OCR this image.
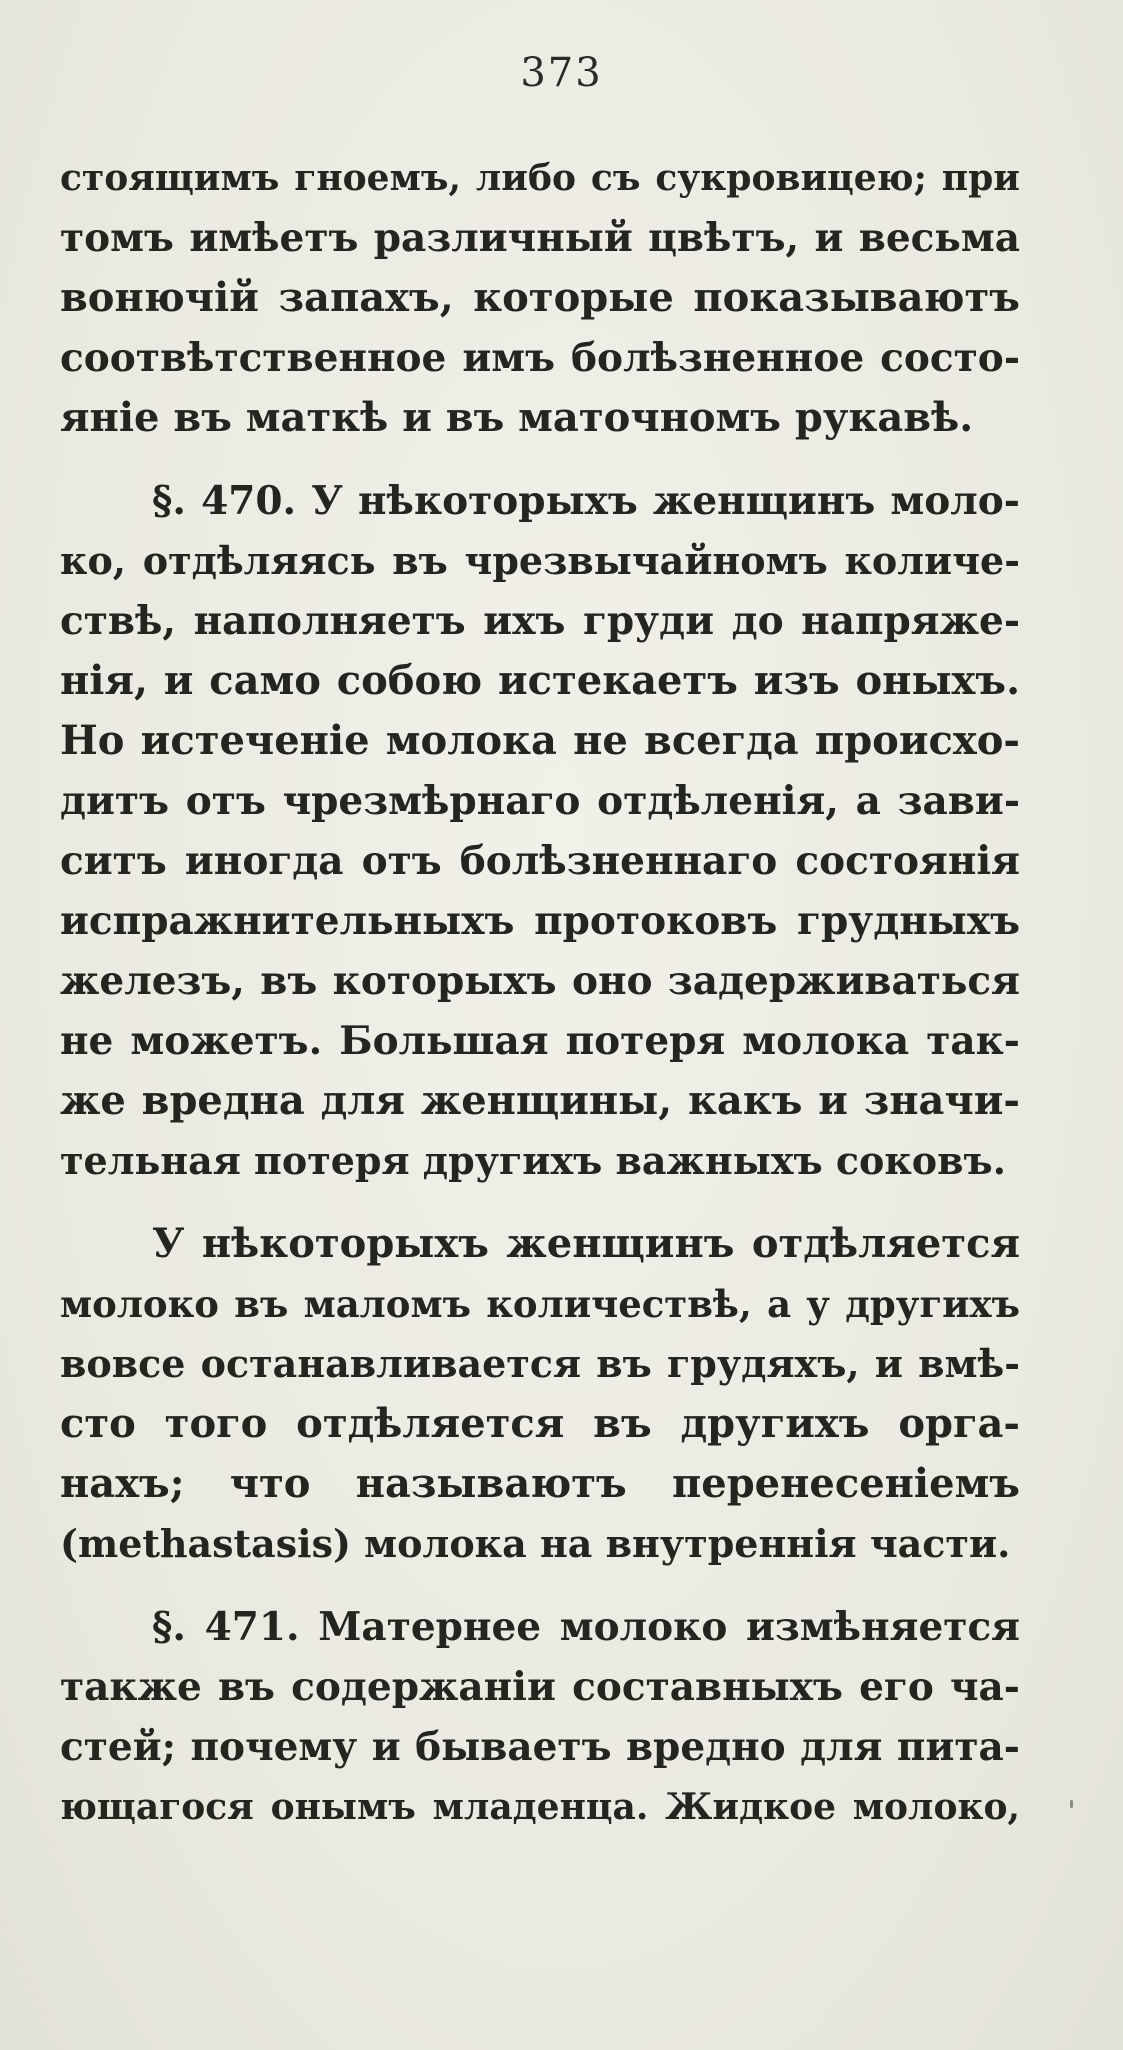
373
стоящимъ гноемъ, либо съ сукровицею; при
томъ имѣетъ различный цвѣтъ, и весьма
вонючій запахъ, которые показываютъ
соотвѣтственное имъ болѣзненное состо-
яніе въ маткѣ и въ маточномъ рукавѣ.
§. 470. У нѣкоторыхъ женщинъ моло-
ко, отдѣляясь въ чрезвычайномъ количе-
ствѣ, наполняетъ ихъ груди до напряже-
нія, и само собою истекаетъ изъ оныхъ.
Но истеченіе молока не всегда происхо-
дитъ отъ чрезмѣрнаго отдѣленія, а зави-
ситъ иногда отъ болѣзненнаго состоянія
испражнительныхъ протоковъ грудныхъ
железъ, въ которыхъ оно задерживаться
не можетъ. Большая потеря молока так-
же вредна для женщины, какъ и значи-
тельная потеря другихъ важныхъ соковъ.
У нѣкоторыхъ женщинъ отдѣляется
молоко въ маломъ количествѣ, а у другихъ
вовсе останавливается въ грудяхъ, и вмѣ-
сто того отдѣляется въ другихъ орга-
нахъ; что называютъ перенесеніемъ
(methastasis) молока на внутреннія части.
§. 471. Матернее молоко измѣняется
также въ содержаніи составныхъ его ча-
стей; почему и бываетъ вредно для пита-
ющагося онымъ младенца. Жидкое молоко,
